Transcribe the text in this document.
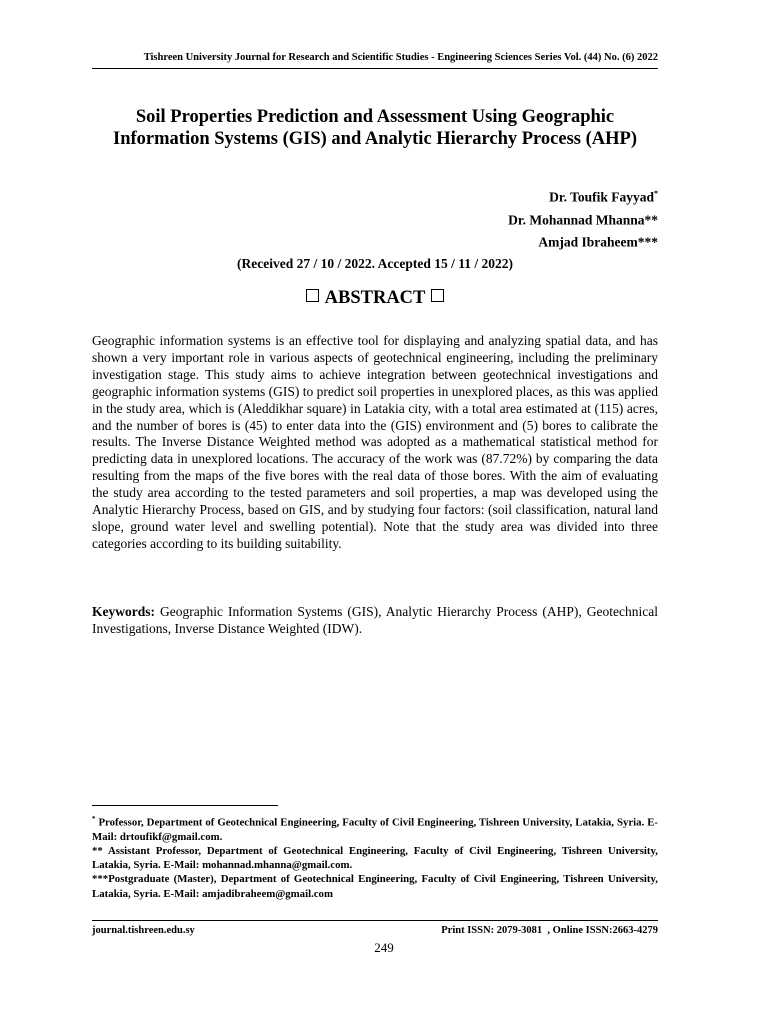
Tishreen University Journal for Research and Scientific Studies - Engineering Sciences Series Vol. (44) No. (6) 2022
Soil Properties Prediction and Assessment Using Geographic Information Systems (GIS) and Analytic Hierarchy Process (AHP)
Dr. Toufik Fayyad*
Dr. Mohannad Mhanna**
Amjad Ibraheem***
(Received 27 / 10 / 2022. Accepted 15 / 11 / 2022)
ABSTRACT
Geographic information systems is an effective tool for displaying and analyzing spatial data, and has shown a very important role in various aspects of geotechnical engineering, including the preliminary investigation stage. This study aims to achieve integration between geotechnical investigations and geographic information systems (GIS) to predict soil properties in unexplored places, as this was applied in the study area, which is (Aleddikhar square) in Latakia city, with a total area estimated at (115) acres, and the number of bores is (45) to enter data into the (GIS) environment and (5) bores to calibrate the results. The Inverse Distance Weighted method was adopted as a mathematical statistical method for predicting data in unexplored locations. The accuracy of the work was (87.72%) by comparing the data resulting from the maps of the five bores with the real data of those bores. With the aim of evaluating the study area according to the tested parameters and soil properties, a map was developed using the Analytic Hierarchy Process, based on GIS, and by studying four factors: (soil classification, natural land slope, ground water level and swelling potential). Note that the study area was divided into three categories according to its building suitability.
Keywords: Geographic Information Systems (GIS), Analytic Hierarchy Process (AHP), Geotechnical Investigations, Inverse Distance Weighted (IDW).

* Professor, Department of Geotechnical Engineering, Faculty of Civil Engineering, Tishreen University, Latakia, Syria. E-Mail: drtoufikf@gmail.com.

** Assistant Professor, Department of Geotechnical Engineering, Faculty of Civil Engineering, Tishreen University, Latakia, Syria. E-Mail: mohannad.mhanna@gmail.com.

***Postgraduate (Master), Department of Geotechnical Engineering, Faculty of Civil Engineering, Tishreen University, Latakia, Syria. E-Mail: amjadibraheem@gmail.com

journal.tishreen.edu.sy	Print ISSN: 2079-3081  , Online ISSN:2663-4279
249
